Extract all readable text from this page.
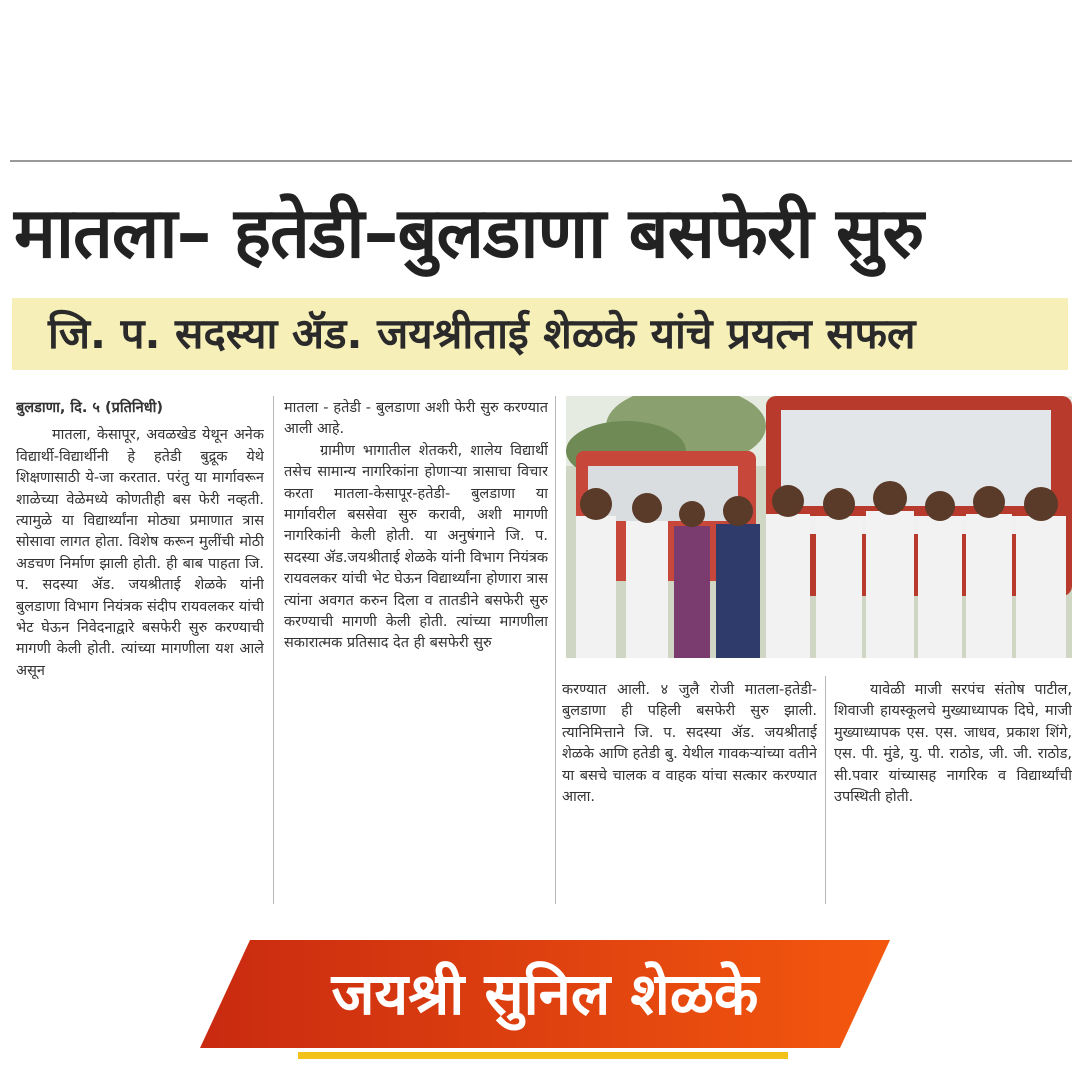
मातला– हतेडी–बुलडाणा बसफेरी सुरु
जि. प. सदस्या ॲड. जयश्रीताई शेळके यांचे प्रयत्न सफल

बुलडाणा, दि. ५ (प्रतिनिधी)

मातला, केसापूर, अवळखेड येथून अनेक विद्यार्थी-विद्यार्थीनी हे हतेडी बुद्रूक येथे शिक्षणासाठी ये-जा करतात. परंतु या मार्गावरून शाळेच्या वेळेमध्ये कोणतीही बस फेरी नव्हती. त्यामुळे या विद्यार्थ्यांना मोठ्या प्रमाणात त्रास सोसावा लागत होता. विशेष करून मुलींची मोठी अडचण निर्माण झाली होती. ही बाब पाहता जि. प. सदस्या ॲड. जयश्रीताई शेळके यांनी बुलडाणा विभाग नियंत्रक संदीप रायवलकर यांची भेट घेऊन निवेदनाद्वारे बसफेरी सुरु करण्याची मागणी केली होती. त्यांच्या मागणीला यश आले असून

मातला - हतेडी - बुलडाणा अशी फेरी सुरु करण्यात आली आहे.

ग्रामीण भागातील शेतकरी, शालेय विद्यार्थी तसेच सामान्य नागरिकांना होणाऱ्या त्रासाचा विचार करता मातला-केसापूर-हतेडी- बुलडाणा या मार्गावरील बससेवा सुरु करावी, अशी मागणी नागरिकांनी केली होती. या अनुषंगाने जि. प. सदस्या ॲड.जयश्रीताई शेळके यांनी विभाग नियंत्रक रायवलकर यांची भेट घेऊन विद्यार्थ्यांना होणारा त्रास त्यांना अवगत करुन दिला व तातडीने बसफेरी सुरु करण्याची मागणी केली होती. त्यांच्या मागणीला सकारात्मक प्रतिसाद देत ही बसफेरी सुरु

करण्यात आली. ४ जुलै रोजी मातला-हतेडी-बुलडाणा ही पहिली बसफेरी सुरु झाली. त्यानिमित्ताने जि. प. सदस्या ॲड. जयश्रीताई शेळके आणि हतेडी बु. येथील गावकऱ्यांच्या वतीने या बसचे चालक व वाहक यांचा सत्कार करण्यात आला.

यावेळी माजी सरपंच संतोष पाटील, शिवाजी हायस्कूलचे मुख्याध्यापक दिघे, माजी मुख्याध्यापक एस. एस. जाधव, प्रकाश शिंगे, एस. पी. मुंडे, यु. पी. राठोड, जी. जी. राठोड, सी.पवार यांच्यासह नागरिक व विद्यार्थ्यांची उपस्थिती होती.

जयश्री सुनिल शेळके
